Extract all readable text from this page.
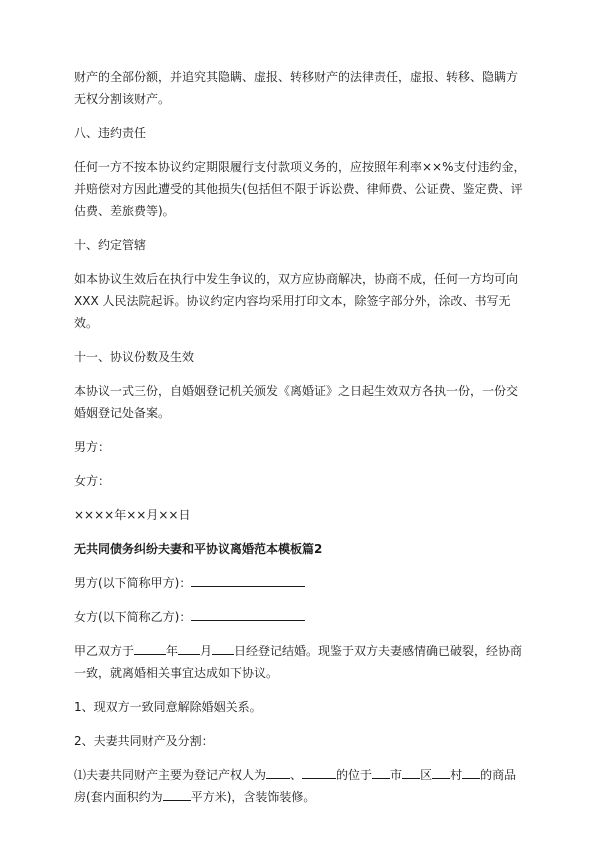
财产的全部份额，并追究其隐瞒、虚报、转移财产的法律责任，虚报、转移、隐瞒方

无权分割该财产。

八、违约责任

任何一方不按本协议约定期限履行支付款项义务的，应按照年利率××%支付违约金，

并赔偿对方因此遭受的其他损失(包括但不限于诉讼费、律师费、公证费、鉴定费、评

估费、差旅费等)。

十、约定管辖

如本协议生效后在执行中发生争议的，双方应协商解决，协商不成，任何一方均可向

XXX 人民法院起诉。协议约定内容均采用打印文本，除签字部分外，涂改、书写无

效。

十一、协议份数及生效

本协议一式三份，自婚姻登记机关颁发《离婚证》之日起生效双方各执一份，一份交

婚姻登记处备案。

男方：

女方：

××××年××月××日

无共同债务纠纷夫妻和平协议离婚范本模板篇2

男方(以下简称甲方)：

女方(以下简称乙方)：

甲乙双方于	年 月 日经登记结婚。现鉴于双方夫妻感情确已破裂，经协商

一致，就离婚相关事宜达成如下协议。

1、现双方一致同意解除婚姻关系。

2、夫妻共同财产及分割：

⑴夫妻共同财产主要为登记产权人为 、	的位于 市 区 村 的商品

房(套内面积约为 平方米)，含装饰装修。
